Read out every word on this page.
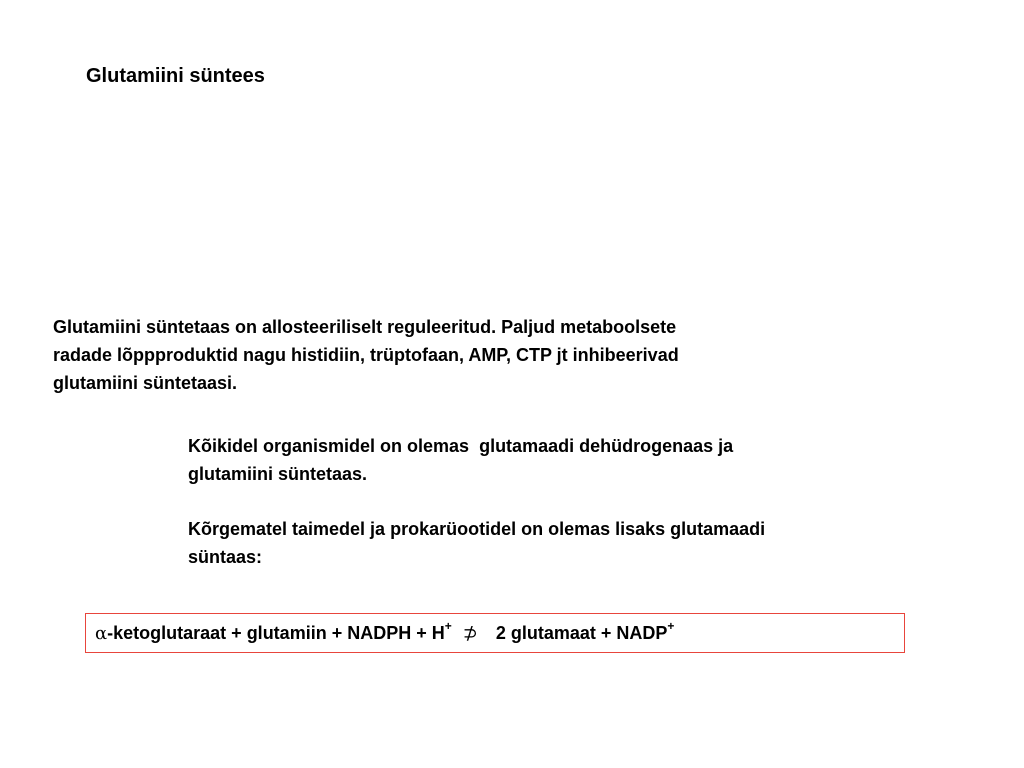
Glutamiini süntees
Glutamiini süntetaas on allosteeriliselt reguleeritud. Paljud metaboolsete
radade lõppproduktid nagu histidiin, trüptofaan, AMP, CTP jt inhibeerivad
glutamiini süntetaasi.
Kõikidel organismidel on olemas  glutamaadi dehüdrogenaas ja
glutamiini süntetaas.
Kõrgematel taimedel ja prokarüootidel on olemas lisaks glutamaadi
süntaas:
α-ketoglutaraat + glutamiin + NADPH + H+ ⊅ 2 glutamaat + NADP+
